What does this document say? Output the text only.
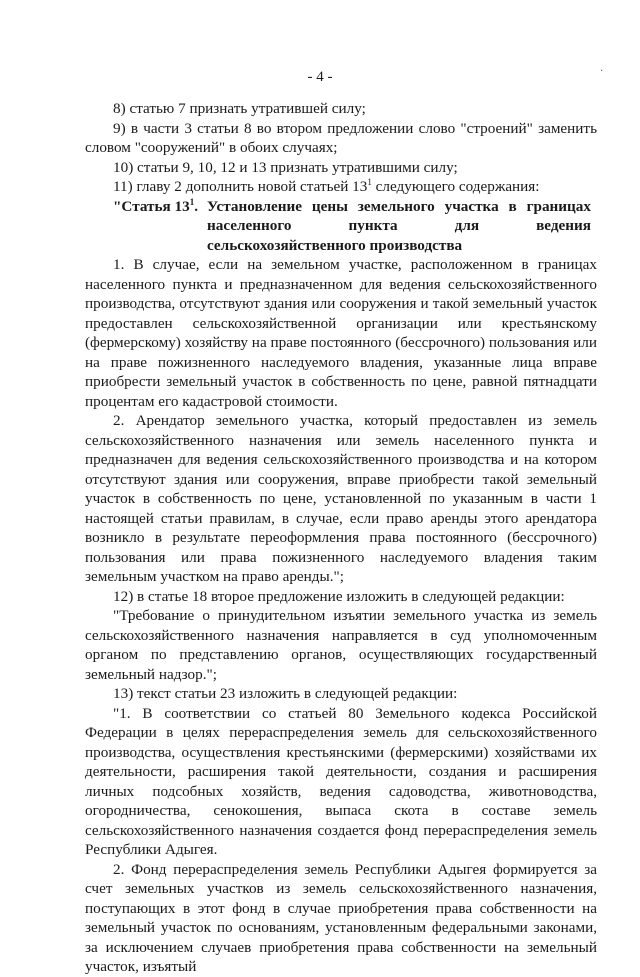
- 4 -	·

8) статью 7 признать утратившей силу;

9) в части 3 статьи 8 во втором предложении слово "строений" заменить словом "сооружений" в обоих случаях;

10) статьи 9, 10, 12 и 13 признать утратившими силу;

11) главу 2 дополнить новой статьей $13^1$ следующего содержания:

"Статья $13^1$. Установление цены земельного участка в границах населенного пункта для ведения сельскохозяйственного производства

1. В случае, если на земельном участке, расположенном в границах населенного пункта и предназначенном для ведения сельскохозяйственного производства, отсутствуют здания или сооружения и такой земельный участок предоставлен сельскохозяйственной организации или крестьянскому (фермерскому) хозяйству на праве постоянного (бессрочного) пользования или на праве пожизненного наследуемого владения, указанные лица вправе приобрести земельный участок в собственность по цене, равной пятнадцати процентам его кадастровой стоимости.

2. Арендатор земельного участка, который предоставлен из земель сельскохозяйственного назначения или земель населенного пункта и предназначен для ведения сельскохозяйственного производства и на котором отсутствуют здания или сооружения, вправе приобрести такой земельный участок в собственность по цене, установленной по указанным в части 1 настоящей статьи правилам, в случае, если право аренды этого арендатора возникло в результате переоформления права постоянного (бессрочного) пользования или права пожизненного наследуемого владения таким земельным участком на право аренды.";

12) в статье 18 второе предложение изложить в следующей редакции:

"Требование о принудительном изъятии земельного участка из земель сельскохозяйственного назначения направляется в суд уполномоченным органом по представлению органов, осуществляющих государственный земельный надзор.";

13) текст статьи 23 изложить в следующей редакции:

"1. В соответствии со статьей 80 Земельного кодекса Российской Федерации в целях перераспределения земель для сельскохозяйственного производства, осуществления крестьянскими (фермерскими) хозяйствами их деятельности, расширения такой деятельности, создания и расширения личных подсобных хозяйств, ведения садоводства, животноводства, огородничества, сенокошения, выпаса скота в составе земель сельскохозяйственного назначения создается фонд перераспределения земель Республики Адыгея.

2. Фонд перераспределения земель Республики Адыгея формируется за счет земельных участков из земель сельскохозяйственного назначения, поступающих в этот фонд в случае приобретения права собственности на земельный участок по основаниям, установленным федеральными законами, за исключением случаев приобретения права собственности на земельный участок, изъятый
